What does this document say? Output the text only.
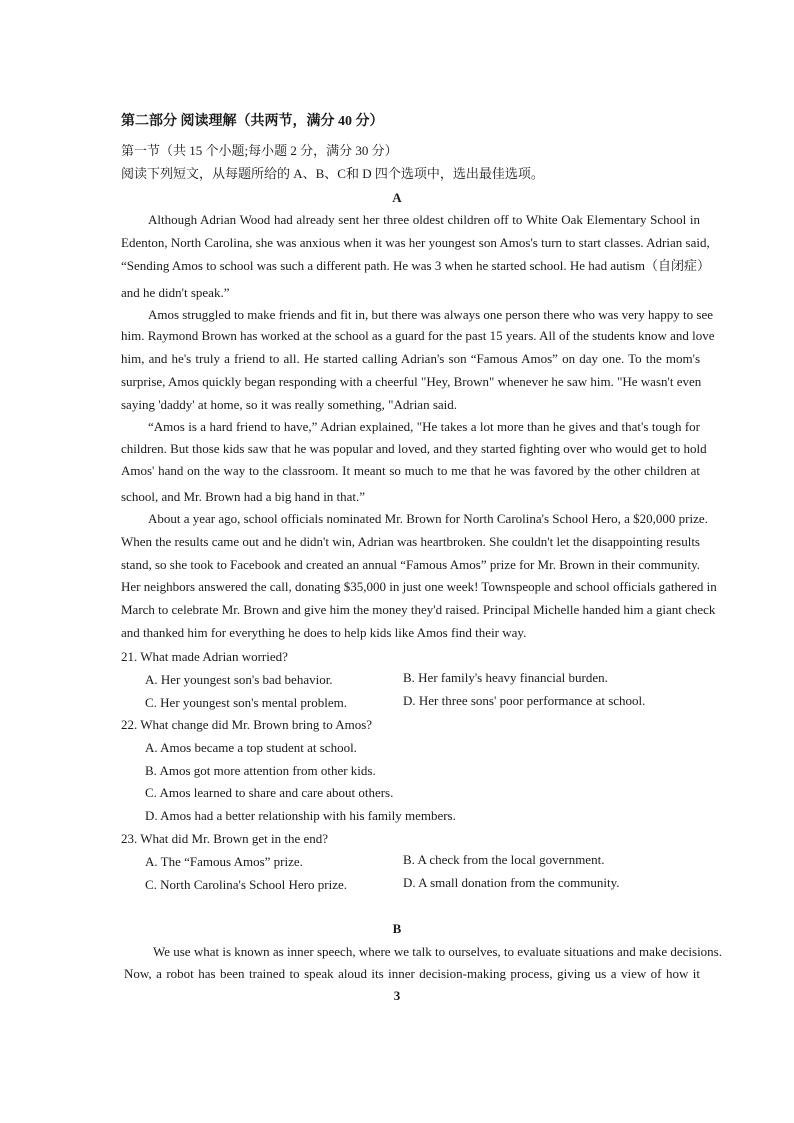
第二部分 阅读理解（共两节，满分 40 分）
第一节（共 15 个小题;每小题 2 分，满分 30 分）
阅读下列短文，从每题所给的 A、B、C和 D 四个选项中，选出最佳选项。
A
Although Adrian Wood had already sent her three oldest children off to White Oak Elementary School in
Edenton, North Carolina, she was anxious when it was her youngest son Amos's turn to start classes. Adrian said,
“Sending Amos to school was such a different path. He was 3 when he started school. He had autism（自闭症）
and he didn't speak.”
Amos struggled to make friends and fit in, but there was always one person there who was very happy to see
him. Raymond Brown has worked at the school as a guard for the past 15 years. All of the students know and love
him, and he's truly a friend to all. He started calling Adrian's son “Famous Amos” on day one. To the mom's
surprise, Amos quickly began responding with a cheerful "Hey, Brown" whenever he saw him. "He wasn't even
saying 'daddy' at home, so it was really something, "Adrian said.
“Amos is a hard friend to have,” Adrian explained, "He takes a lot more than he gives and that's tough for
children. But those kids saw that he was popular and loved, and they started fighting over who would get to hold
Amos' hand on the way to the classroom. It meant so much to me that he was favored by the other children at
school, and Mr. Brown had a big hand in that.”
About a year ago, school officials nominated Mr. Brown for North Carolina's School Hero, a $20,000 prize.
When the results came out and he didn't win, Adrian was heartbroken. She couldn't let the disappointing results
stand, so she took to Facebook and created an annual “Famous Amos” prize for Mr. Brown in their community.
Her neighbors answered the call, donating $35,000 in just one week! Townspeople and school officials gathered in
March to celebrate Mr. Brown and give him the money they'd raised. Principal Michelle handed him a giant check
and thanked him for everything he does to help kids like Amos find their way.
21. What made Adrian worried?
A. Her youngest son's bad behavior.	B. Her family's heavy financial burden.
C. Her youngest son's mental problem.	D. Her three sons' poor performance at school.
22. What change did Mr. Brown bring to Amos?
A. Amos became a top student at school.
B. Amos got more attention from other kids.
C. Amos learned to share and care about others.
D. Amos had a better relationship with his family members.
23. What did Mr. Brown get in the end?
A. The “Famous Amos” prize.	B. A check from the local government.
C. North Carolina's School Hero prize.	D. A small donation from the community.
B
We use what is known as inner speech, where we talk to ourselves, to evaluate situations and make decisions.
Now, a robot has been trained to speak aloud its inner decision-making process, giving us a view of how it
3
